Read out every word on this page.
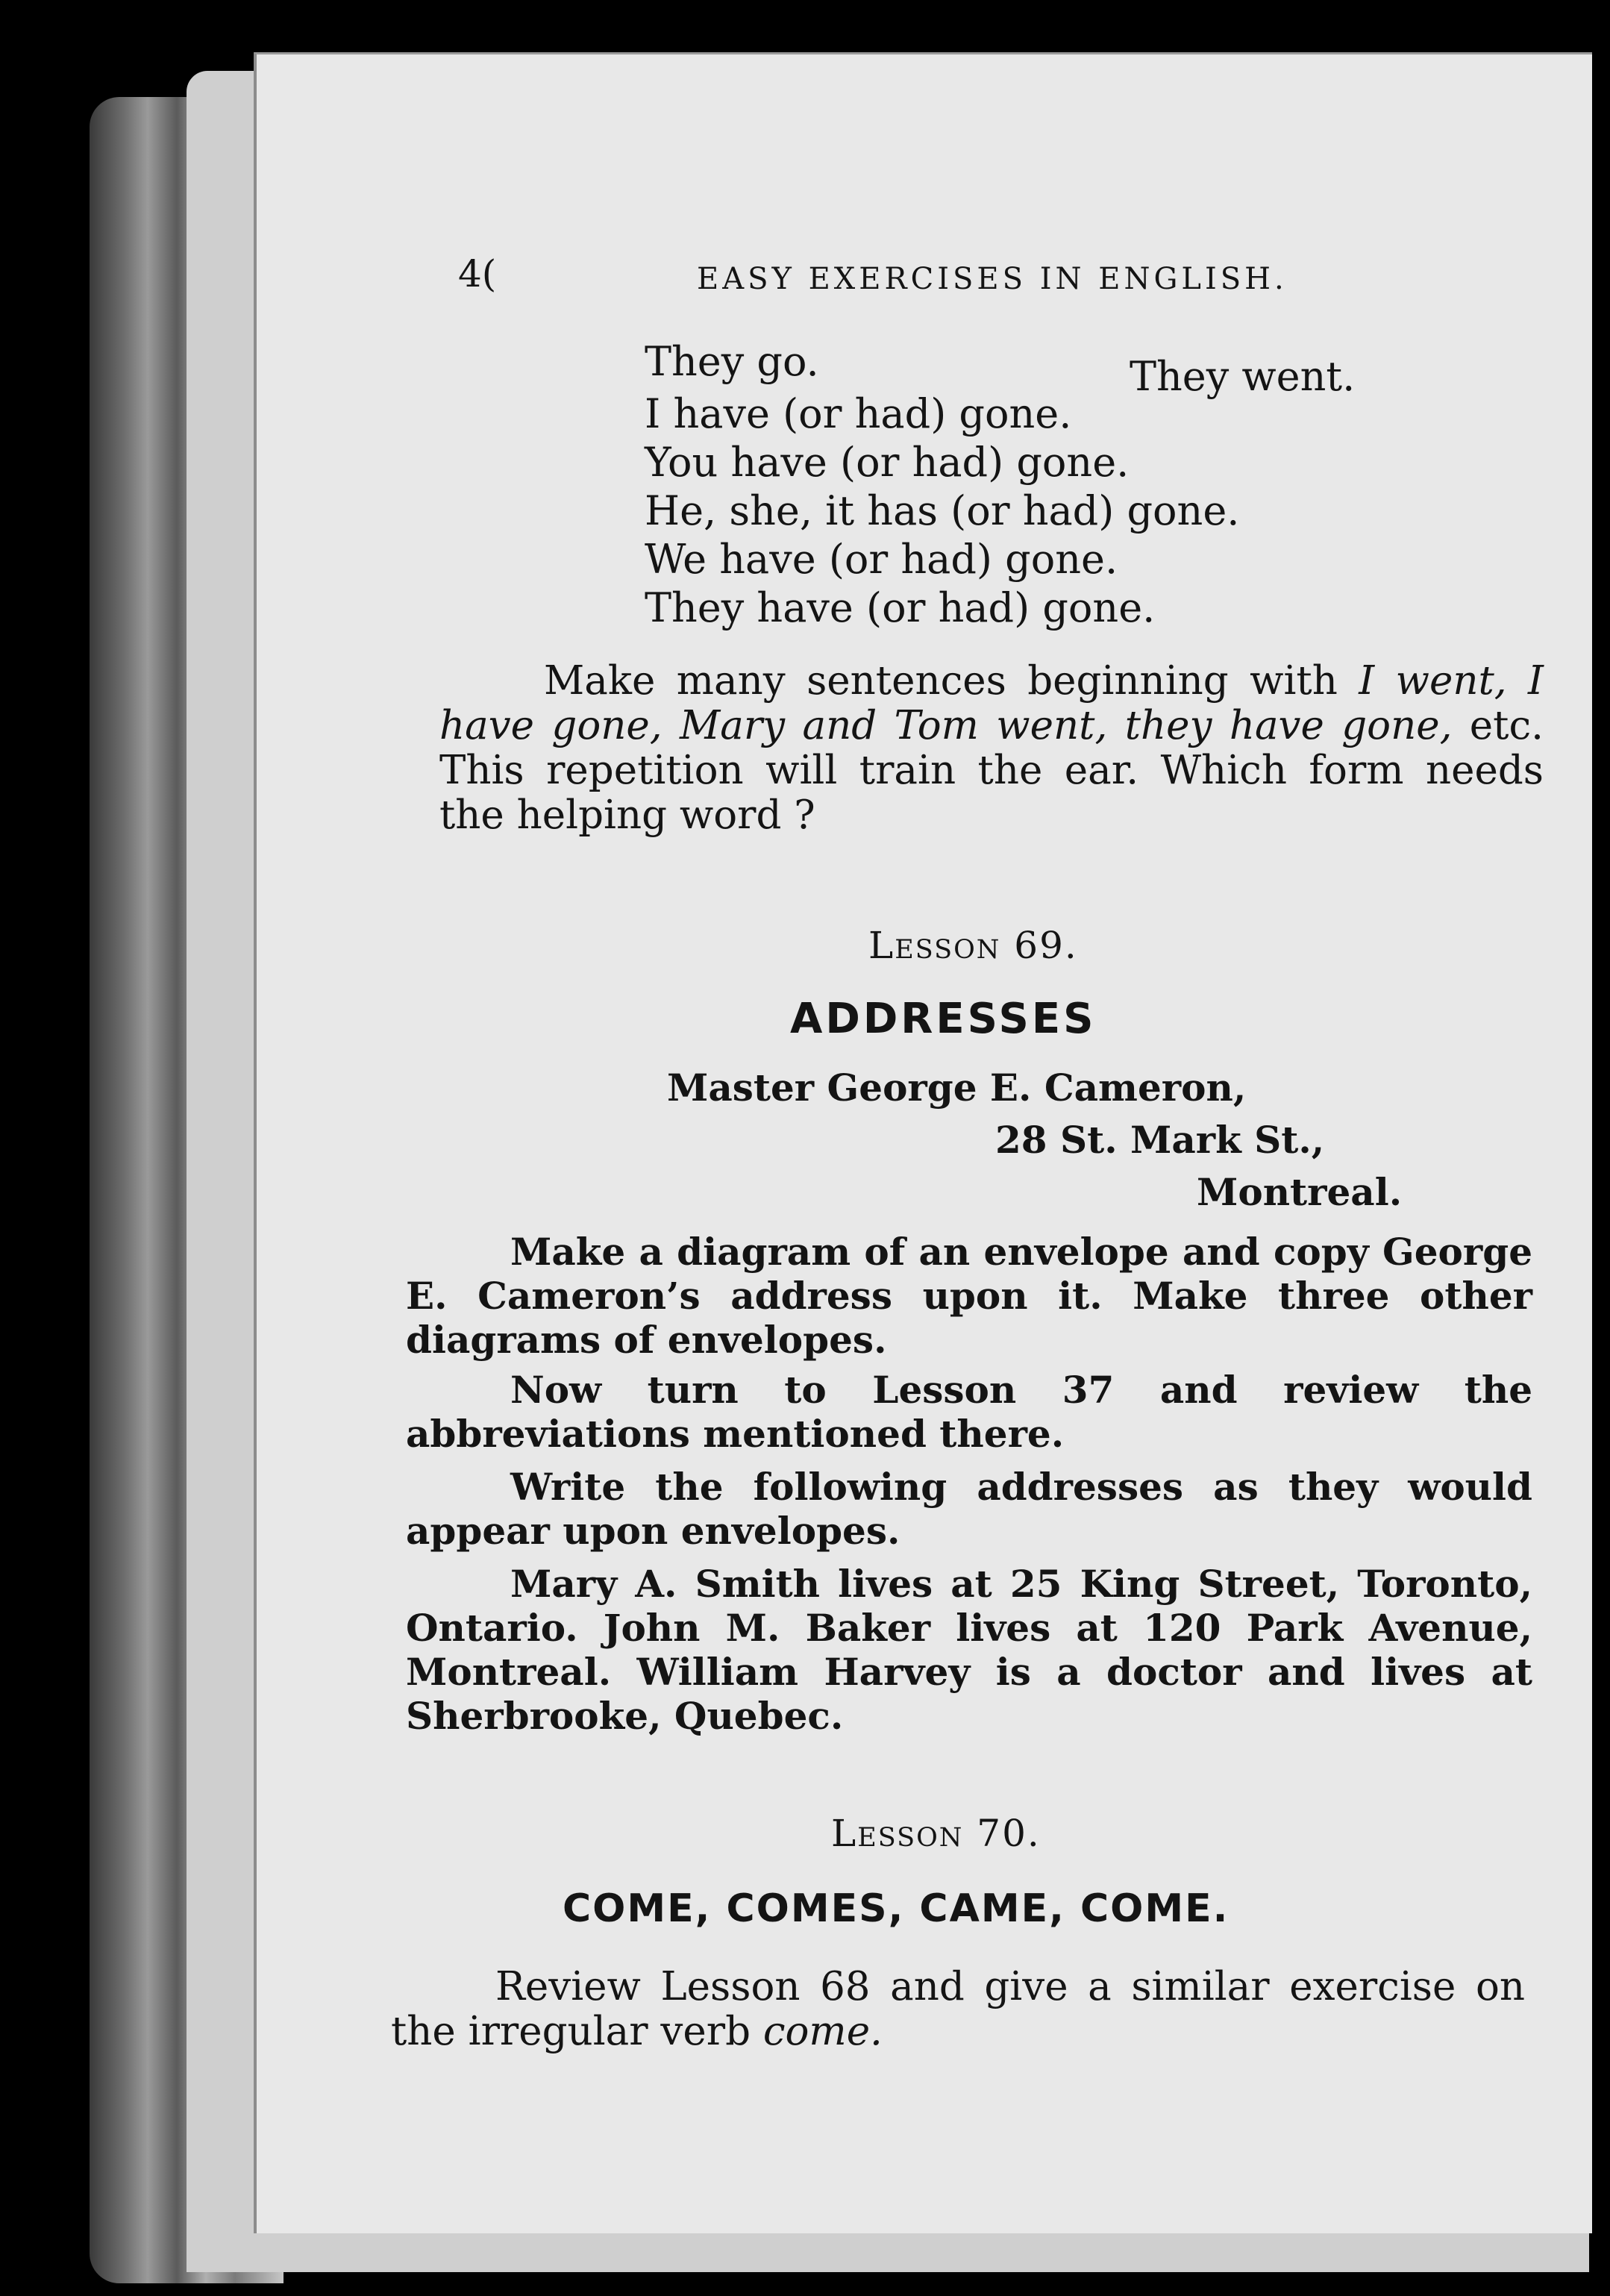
4(	EASY EXERCISES IN ENGLISH.
They go.	They went.
I have (or had) gone.
You have (or had) gone.
He, she, it has (or had) gone.
We have (or had) gone.
They have (or had) gone.
Make many sentences beginning with I went, I have gone, Mary and Tom went, they have gone, etc. This repetition will train the ear. Which form needs the helping word ?
Lesson 69.
ADDRESSES
Master George E. Cameron,
28 St. Mark St.,
Montreal.
Make a diagram of an envelope and copy George E. Cameron’s address upon it. Make three other diagrams of envelopes.
Now turn to Lesson 37 and review the abbreviations mentioned there.
Write the following addresses as they would appear upon envelopes.
Mary A. Smith lives at 25 King Street, Toronto, Ontario. John M. Baker lives at 120 Park Avenue, Montreal. William Harvey is a doctor and lives at Sherbrooke, Quebec.
Lesson 70.
COME, COMES, CAME, COME.
Review Lesson 68 and give a similar exercise on the irregular verb come.
